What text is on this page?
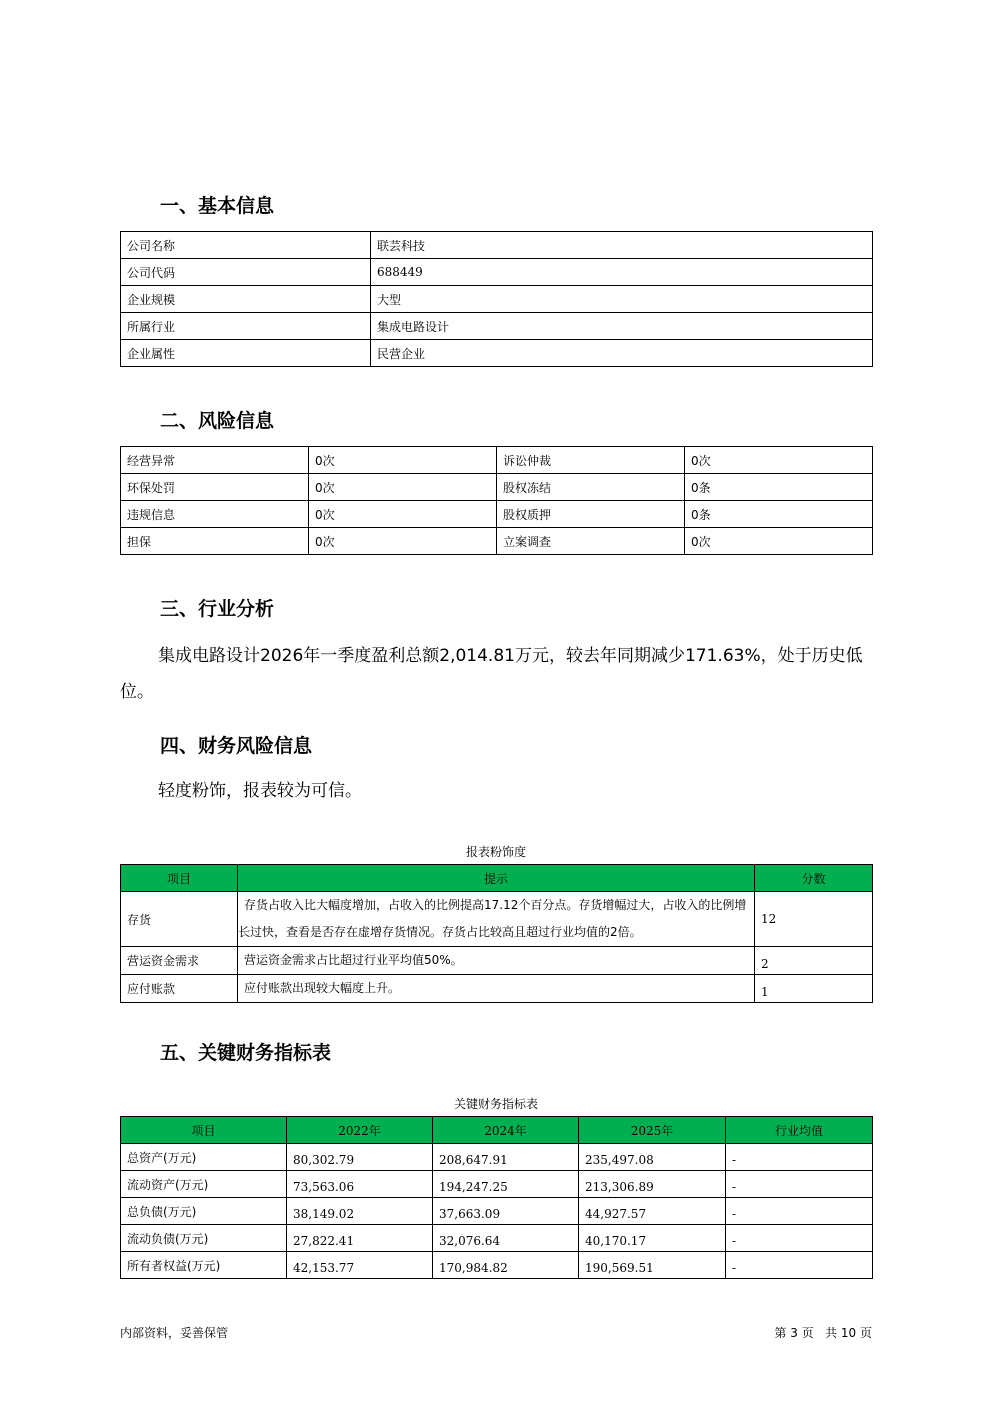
一、基本信息
公司名称	联芸科技
公司代码	688449
企业规模	大型
所属行业	集成电路设计
企业属性	民营企业
二、风险信息
经营异常	0次	诉讼仲裁	0次
环保处罚	0次	股权冻结	0条
违规信息	0次	股权质押	0条
担保	0次	立案调查	0次
三、行业分析

集成电路设计2026年一季度盈利总额2,014.81万元，较去年同期减少171.63%，处于历史低位。

四、财务风险信息

轻度粉饰，报表较为可信。

报表粉饰度

项目	提示	分数
存货	存货占收入比大幅度增加，占收入的比例提高17.12个百分点。存货增幅过大，占收入的比例增长过快，查看是否存在虚增存货情况。存货占比较高且超过行业均值的2倍。	12
营运资金需求	营运资金需求占比超过行业平均值50%。	2
应付账款	应付账款出现较大幅度上升。	1
五、关键财务指标表

关键财务指标表

项目	2022年	2024年	2025年	行业均值
总资产(万元)	80,302.79	208,647.91	235,497.08	-
流动资产(万元)	73,563.06	194,247.25	213,306.89	-
总负债(万元)	38,149.02	37,663.09	44,927.57	-
流动负债(万元)	27,822.41	32,076.64	40,170.17	-
所有者权益(万元)	42,153.77	170,984.82	190,569.51	-
内部资料，妥善保管	第 3 页   共 10 页
